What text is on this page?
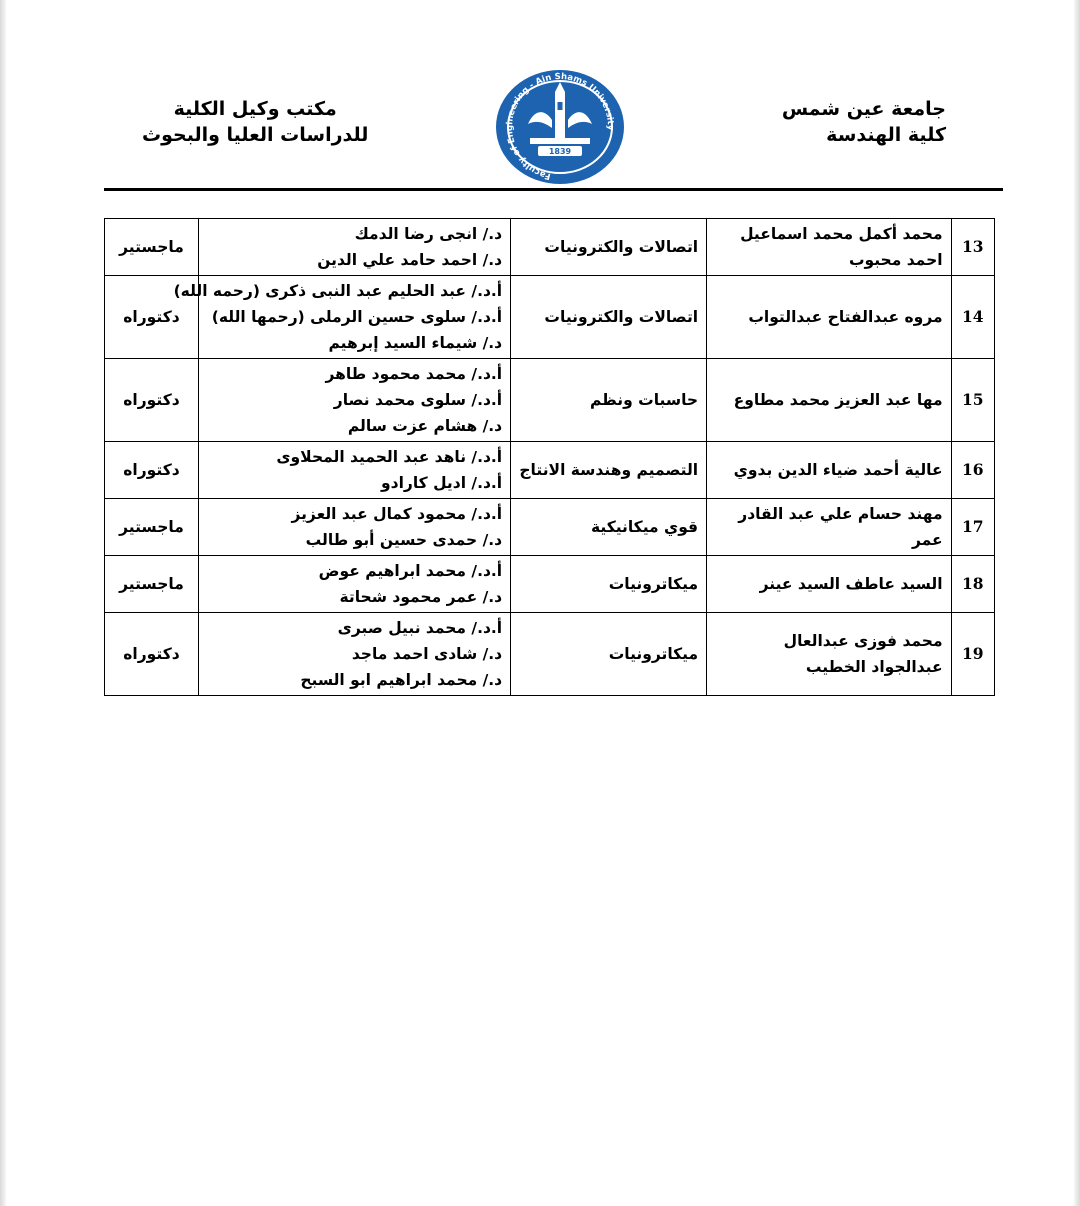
جامعة عين شمس
كلية الهندسة
Faculty of Engineering - Ain Shams University
1839
مكتب وكيل الكلية
للدراسات العليا والبحوث
13	محمد أكمل محمد اسماعيل احمد محبوب	اتصالات والكترونيات	د./ انجى رضا الدمك
د./ احمد حامد علي الدين	ماجستير
14	مروه عبدالفتاح عبدالتواب	اتصالات والكترونيات	أ.د./ عبد الحليم عبد النبى ذكرى (رحمه الله)
أ.د./ سلوى حسين الرملى (رحمها الله)
د./ شيماء السيد إبرهيم	دكتوراه
15	مها عبد العزيز محمد مطاوع	حاسبات ونظم	أ.د./ محمد محمود طاهر
أ.د./ سلوى محمد نصار
د./ هشام عزت سالم	دكتوراه
16	عالية أحمد ضياء الدين بدوي	التصميم وهندسة الانتاج	أ.د./ ناهد عبد الحميد المحلاوى
أ.د./ اديل كارادو	دكتوراه
17	مهند حسام علي عبد القادر عمر	قوي ميكانيكية	أ.د./ محمود كمال عبد العزيز
د./ حمدى حسين أبو طالب	ماجستير
18	السيد عاطف السيد عينر	ميكاترونيات	أ.د./ محمد ابراهيم عوض
د./ عمر محمود شحاتة	ماجستير
19	محمد فوزى عبدالعال عبدالجواد الخطيب	ميكاترونيات	أ.د./ محمد نبيل صبرى
د./ شادى احمد ماجد
د./ محمد ابراهيم ابو السبح	دكتوراه
